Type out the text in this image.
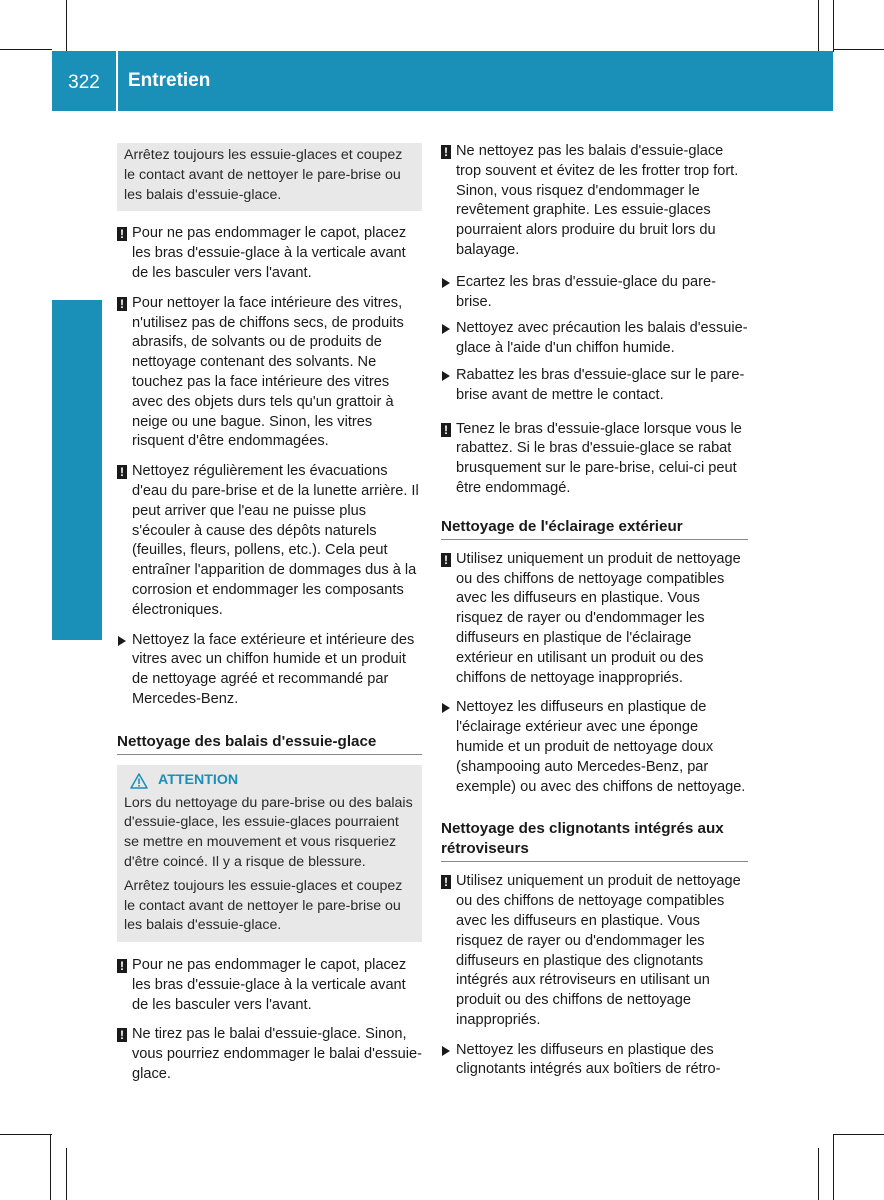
322	Entretien
Maintenance et entretien

Arrêtez toujours les essuie-glaces et coupez le contact avant de nettoyer le pare-brise ou les balais d'essuie-glace.

! Pour ne pas endommager le capot, placez les bras d'essuie-glace à la verticale avant de les basculer vers l'avant.

! Pour nettoyer la face intérieure des vitres, n'utilisez pas de chiffons secs, de produits abrasifs, de solvants ou de produits de nettoyage contenant des solvants. Ne touchez pas la face intérieure des vitres avec des objets durs tels qu'un grattoir à neige ou une bague. Sinon, les vitres risquent d'être endommagées.

! Nettoyez régulièrement les évacuations d'eau du pare-brise et de la lunette arrière. Il peut arriver que l'eau ne puisse plus s'écouler à cause des dépôts naturels (feuilles, fleurs, pollens, etc.). Cela peut entraîner l'apparition de dommages dus à la corrosion et endommager les composants électroniques.

Nettoyez la face extérieure et intérieure des vitres avec un chiffon humide et un produit de nettoyage agréé et recommandé par Mercedes-Benz.

Nettoyage des balais d'essuie-glace
ATTENTION

Lors du nettoyage du pare-brise ou des balais d'essuie-glace, les essuie-glaces pourraient se mettre en mouvement et vous risqueriez d'être coincé. Il y a risque de blessure.

Arrêtez toujours les essuie-glaces et coupez le contact avant de nettoyer le pare-brise ou les balais d'essuie-glace.

! Pour ne pas endommager le capot, placez les bras d'essuie-glace à la verticale avant de les basculer vers l'avant.

! Ne tirez pas le balai d'essuie-glace. Sinon, vous pourriez endommager le balai d'essuie-glace.

! Ne nettoyez pas les balais d'essuie-glace trop souvent et évitez de les frotter trop fort. Sinon, vous risquez d'endommager le revêtement graphite. Les essuie-glaces pourraient alors produire du bruit lors du balayage.

Ecartez les bras d'essuie-glace du pare-brise.

Nettoyez avec précaution les balais d'essuie-glace à l'aide d'un chiffon humide.

Rabattez les bras d'essuie-glace sur le pare-brise avant de mettre le contact.

! Tenez le bras d'essuie-glace lorsque vous le rabattez. Si le bras d'essuie-glace se rabat brusquement sur le pare-brise, celui-ci peut être endommagé.

Nettoyage de l'éclairage extérieur
! Utilisez uniquement un produit de nettoyage ou des chiffons de nettoyage compatibles avec les diffuseurs en plastique. Vous risquez de rayer ou d'endommager les diffuseurs en plastique de l'éclairage extérieur en utilisant un produit ou des chiffons de nettoyage inappropriés.

Nettoyez les diffuseurs en plastique de l'éclairage extérieur avec une éponge humide et un produit de nettoyage doux (shampooing auto Mercedes-Benz, par exemple) ou avec des chiffons de nettoyage.

Nettoyage des clignotants intégrés aux rétroviseurs
! Utilisez uniquement un produit de nettoyage ou des chiffons de nettoyage compatibles avec les diffuseurs en plastique. Vous risquez de rayer ou d'endommager les diffuseurs en plastique des clignotants intégrés aux rétroviseurs en utilisant un produit ou des chiffons de nettoyage inappropriés.

Nettoyez les diffuseurs en plastique des clignotants intégrés aux boîtiers de rétro-
